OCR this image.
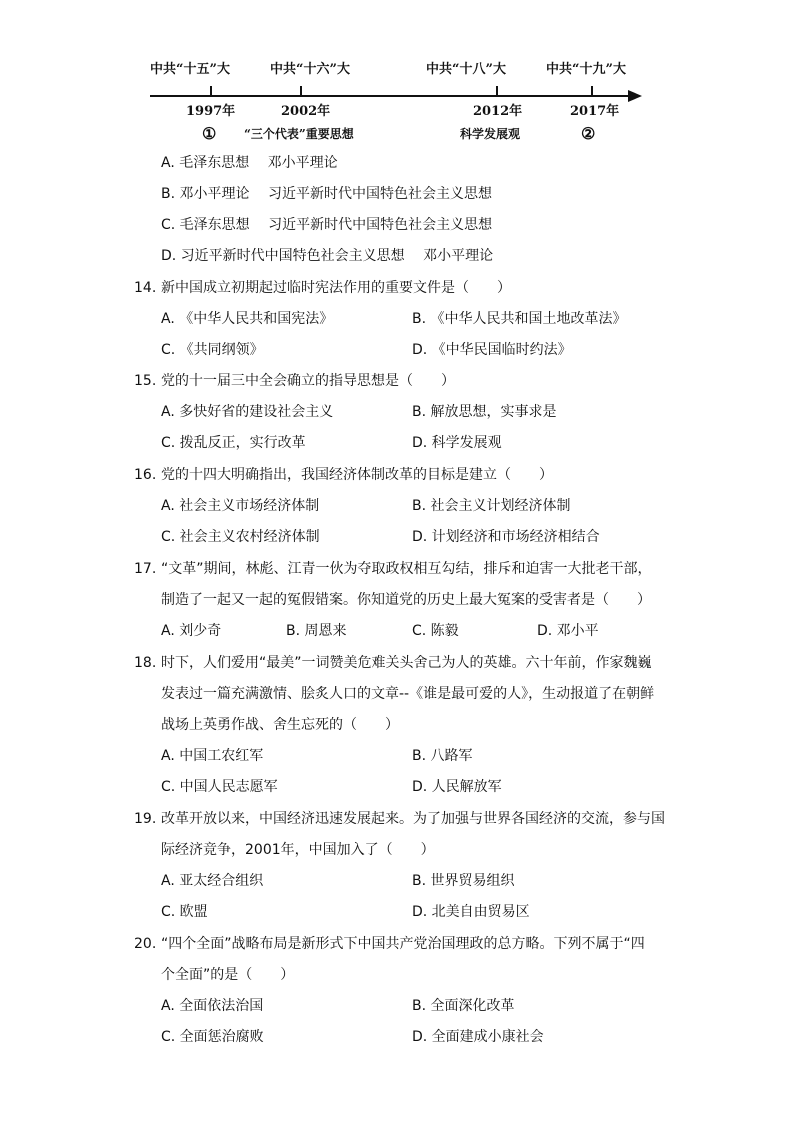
中共“十五”大	中共“十六”大	中共“十八”大	中共“十九”大
1997年	2002年	2012年	2017年
① “三个代表”重要思想	科学发展观	②
A. 毛泽东思想　 邓小平理论
B. 邓小平理论　 习近平新时代中国特色社会主义思想
C. 毛泽东思想　 习近平新时代中国特色社会主义思想
D. 习近平新时代中国特色社会主义思想　 邓小平理论
14. 新中国成立初期起过临时宪法作用的重要文件是（　　）
A. 《中华人民共和国宪法》	B. 《中华人民共和国土地改革法》
C. 《共同纲领》	D. 《中华民国临时约法》
15. 党的十一届三中全会确立的指导思想是（　　）
A. 多快好省的建设社会主义	B. 解放思想，实事求是
C. 拨乱反正，实行改革	D. 科学发展观
16. 党的十四大明确指出，我国经济体制改革的目标是建立（　　）
A. 社会主义市场经济体制	B. 社会主义计划经济体制
C. 社会主义农村经济体制	D. 计划经济和市场经济相结合
17. “文革”期间，林彪、江青一伙为夺取政权相互勾结，排斥和迫害一大批老干部，
制造了一起又一起的冤假错案。你知道党的历史上最大冤案的受害者是（　　）
A. 刘少奇	B. 周恩来	C. 陈毅	D. 邓小平
18. 时下，人们爱用“最美”一词赞美危难关头舍己为人的英雄。六十年前，作家魏巍
发表过一篇充满激情、脍炙人口的文章--《谁是最可爱的人》，生动报道了在朝鲜
战场上英勇作战、舍生忘死的（　　）
A. 中国工农红军	B. 八路军
C. 中国人民志愿军	D. 人民解放军
19. 改革开放以来，中国经济迅速发展起来。为了加强与世界各国经济的交流，参与国
际经济竞争，2001年，中国加入了（　　）
A. 亚太经合组织	B. 世界贸易组织
C. 欧盟	D. 北美自由贸易区
20. “四个全面”战略布局是新形式下中国共产党治国理政的总方略。下列不属于“四
个全面”的是（　　）
A. 全面依法治国	B. 全面深化改革
C. 全面惩治腐败	D. 全面建成小康社会
